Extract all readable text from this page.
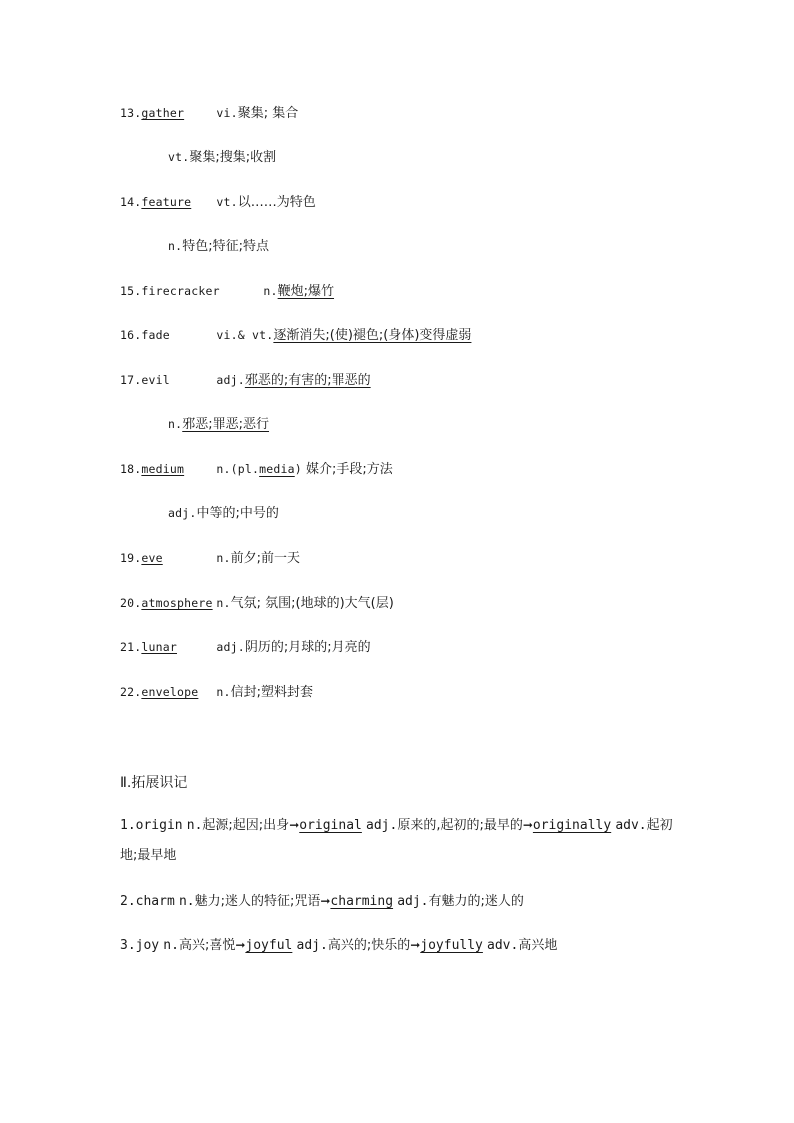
13.gather	vi.聚集; 集合
vt.聚集;搜集;收割
14.feature vt.以……为特色
n.特色;特征;特点
15.firecracker	n.鞭炮;爆竹
16.fade	vi.& vt.逐渐消失;(使)褪色;(身体)变得虚弱
17.evil	adj.邪恶的;有害的;罪恶的
n.邪恶;罪恶;恶行
18.medium	n.(pl.media) 媒介;手段;方法
adj.中等的;中号的
19.eve	n.前夕;前一天
20.atmosphere n.气氛; 氛围;(地球的)大气(层)
21.lunar	adj.阴历的;月球的;月亮的
22.envelope n.信封;塑料封套
Ⅱ.拓展识记
1.origin n.起源;起因;出身➞original adj.原来的,起初的;最早的➞originally adv.起初地;最早地
2.charm n.魅力;迷人的特征;咒语➞charming adj.有魅力的;迷人的
3.joy n.高兴;喜悦➞joyful adj.高兴的;快乐的➞joyfully adv.高兴地
